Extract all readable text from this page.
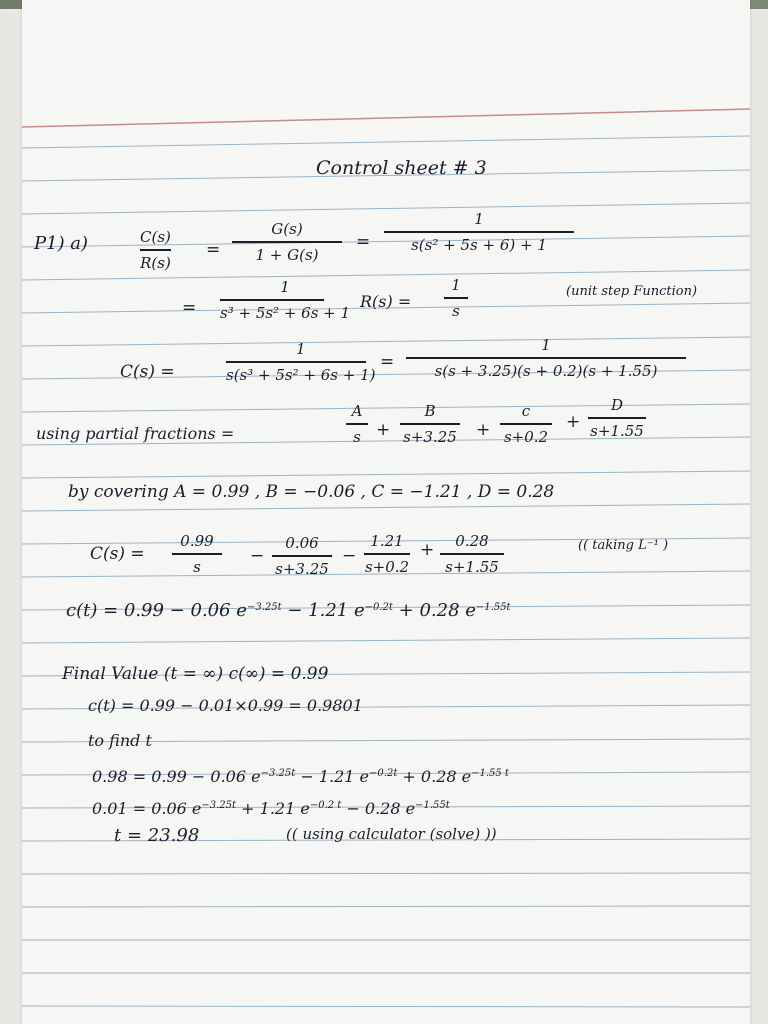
Control sheet # 3
P1) a)	C(s)
R(s)
=
G(s)
1 + G(s)
=
1
s(s² + 5s + 6) + 1
=
1
s³ + 5s² + 6s + 1
R(s) =
1
s
(unit step Function)
C(s) =
1
s(s³ + 5s² + 6s + 1)
=
1
s(s + 3.25)(s + 0.2)(s + 1.55)
using partial fractions =
A
s +
B
s+3.25 +
c
s+0.2
+
D
s+1.55
by covering A = 0.99 , B = −0.06 , C = −1.21 , D = 0.28
C(s) =
0.99
s
−
0.06
s+3.25
−
1.21
s+0.2
+ 0.28
s+1.55
(( taking L⁻¹ )
c(t) = 0.99 − 0.06 $e^{-3.25t} - 1.21$ $e^{-0.2t} + 0.28$ $e^{-1.55t}$
Final Value (t = ∞) c(∞) = 0.99
c(t) = 0.99 − 0.01×0.99 = 0.9801
to find t
0.98 = 0.99 − 0.06 $e^{-3.25t} - 1.21$ $e^{-0.2t} + 0.28$ $e^{-1.55 t}$
0.01 = 0.06 $e^{-3.25t} + 1.21$ $e^{-0.2 t} - 0.28$ $e^{-1.55t}$
t = 23.98	(( using calculator (solve) ))
